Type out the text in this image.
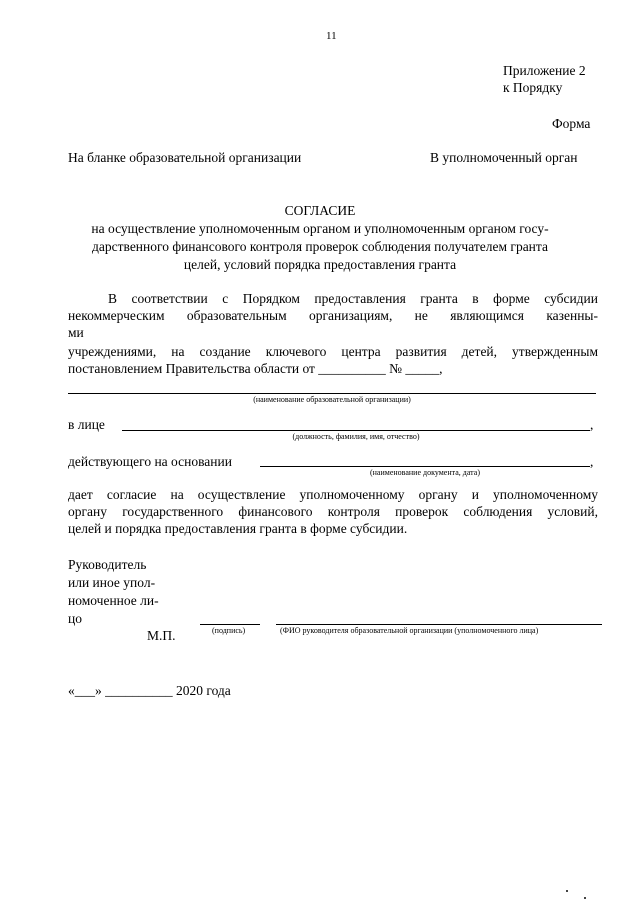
11
Приложение 2
к Порядку
Форма
На бланке образовательной организации	В уполномоченный орган
СОГЛАСИЕ
на осуществление уполномоченным органом и уполномоченным органом госу-
дарственного финансового контроля проверок соблюдения получателем гранта
целей, условий порядка предоставления гранта
В соответствии с Порядком предоставления гранта в форме субсидии
некоммерческим образовательным организациям, не являющимся казенны-
ми
учреждениями, на создание ключевого центра развития детей, утвержденным
постановлением Правительства области от __________ № _____,
(наименование образовательной организации)
в лице	,
(должность, фамилия, имя, отчество)
действующего на основании	,
(наименование документа, дата)
дает согласие на осуществление уполномоченному органу и уполномоченному
органу государственного финансового контроля проверок соблюдения условий,
целей и порядка предоставления гранта в форме субсидии.
Руководитель
или иное упол-
номоченное ли-
цо
(подпись)	(ФИО руководителя образовательной организации (уполномоченного лица)
М.П.
«___» __________ 2020 года
